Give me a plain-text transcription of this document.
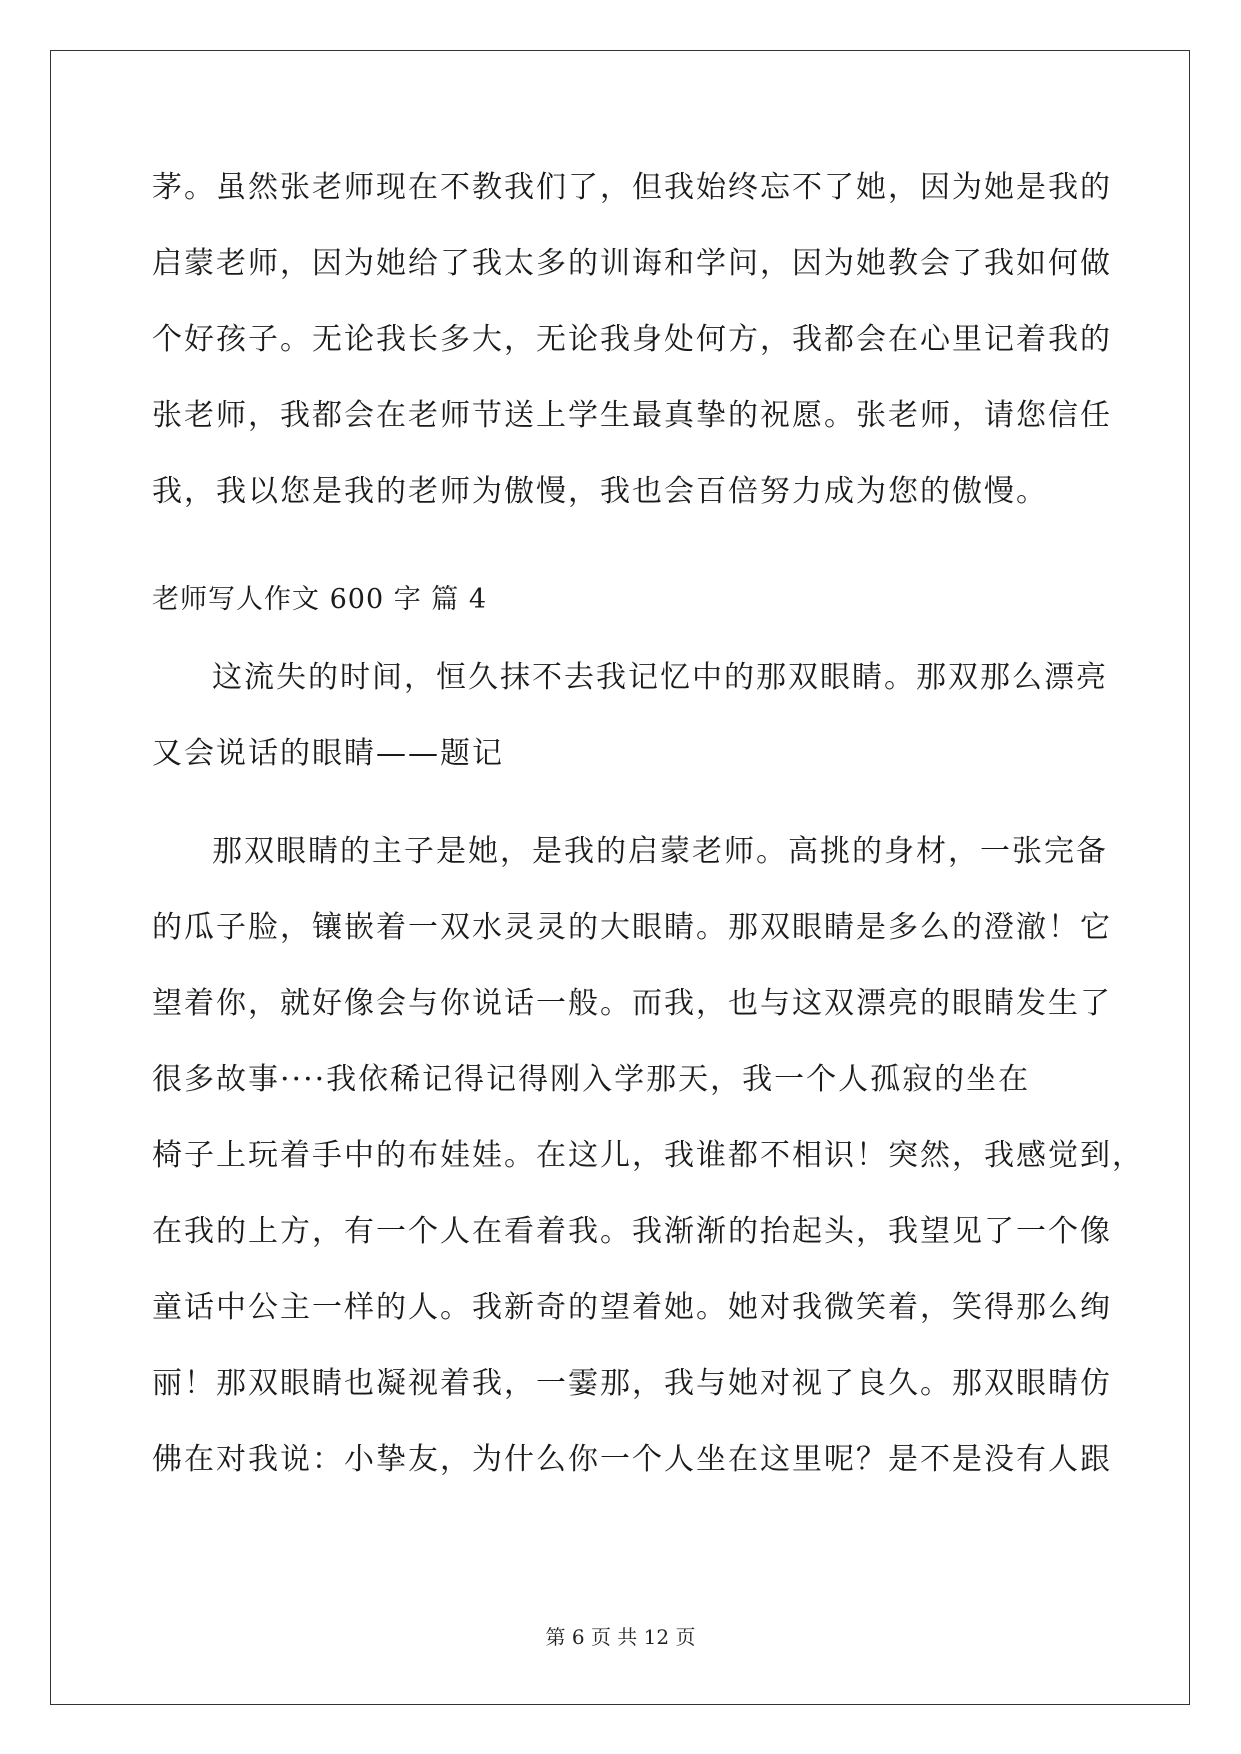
茅。虽然张老师现在不教我们了，但我始终忘不了她，因为她是我的
启蒙老师，因为她给了我太多的训诲和学问，因为她教会了我如何做
个好孩子。无论我长多大，无论我身处何方，我都会在心里记着我的
张老师，我都会在老师节送上学生最真挚的祝愿。张老师，请您信任
我，我以您是我的老师为傲慢，我也会百倍努力成为您的傲慢。
老师写人作文 600 字 篇 4
这流失的时间，恒久抹不去我记忆中的那双眼睛。那双那么漂亮
又会说话的眼睛——题记
那双眼睛的主子是她，是我的启蒙老师。高挑的身材，一张完备
的瓜子脸，镶嵌着一双水灵灵的大眼睛。那双眼睛是多么的澄澈！它
望着你，就好像会与你说话一般。而我，也与这双漂亮的眼睛发生了
很多故事····我依稀记得记得刚入学那天，我一个人孤寂的坐在
椅子上玩着手中的布娃娃。在这儿，我谁都不相识！突然，我感觉到，
在我的上方，有一个人在看着我。我渐渐的抬起头，我望见了一个像
童话中公主一样的人。我新奇的望着她。她对我微笑着，笑得那么绚
丽！那双眼睛也凝视着我，一霎那，我与她对视了良久。那双眼睛仿
佛在对我说：小挚友，为什么你一个人坐在这里呢？是不是没有人跟
第 6 页 共 12 页
